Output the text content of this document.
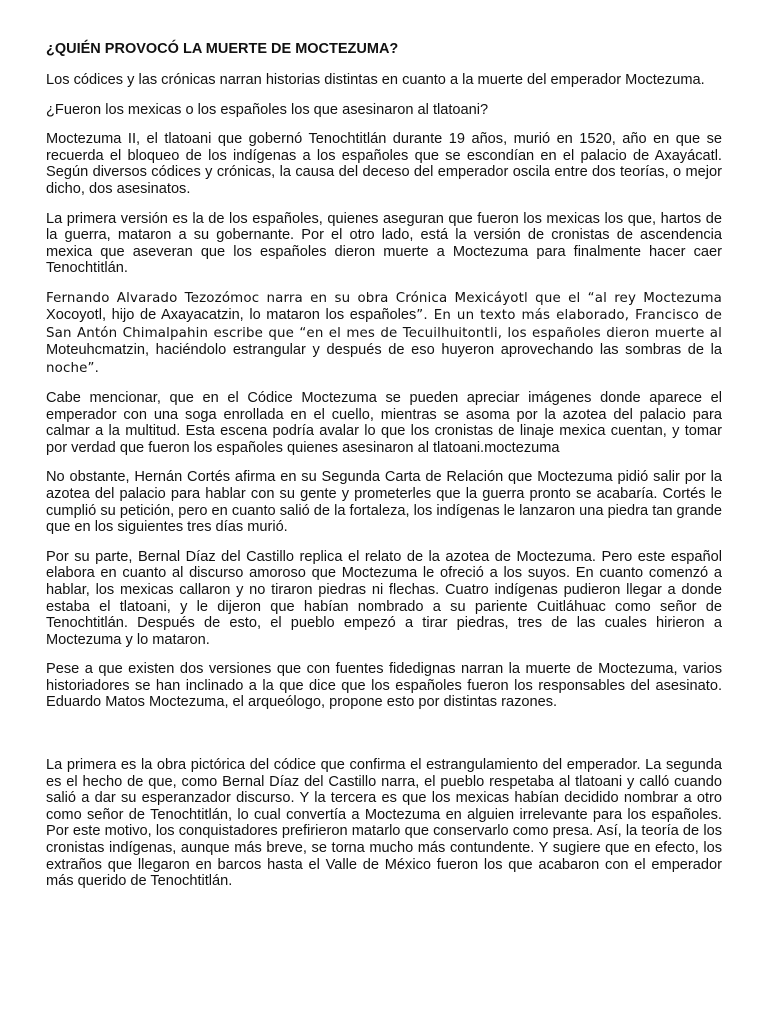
¿QUIÉN PROVOCÓ LA MUERTE DE MOCTEZUMA?

Los códices y las crónicas narran historias distintas en cuanto a la muerte del emperador Moctezuma.

¿Fueron los mexicas o los españoles los que asesinaron al tlatoani?

Moctezuma II, el tlatoani que gobernó Tenochtitlán durante 19 años, murió en 1520, año en que se recuerda el bloqueo de los indígenas a los españoles que se escondían en el palacio de Axayácatl. Según diversos códices y crónicas, la causa del deceso del emperador oscila entre dos teorías, o mejor dicho, dos asesinatos.

La primera versión es la de los españoles, quienes aseguran que fueron los mexicas los que, hartos de la guerra, mataron a su gobernante. Por el otro lado, está la versión de cronistas de ascendencia mexica que aseveran que los españoles dieron muerte a Moctezuma para finalmente hacer caer Tenochtitlán.

Fernando Alvarado Tezozómoc narra en su obra Crónica Mexicáyotl que el “al rey Moctezuma Xocoyotl, hijo de Axayacatzin, lo mataron los españoles”. En un texto más elaborado, Francisco de San Antón Chimalpahin escribe que “en el mes de Tecuilhuitontli, los españoles dieron muerte al Moteuhcmatzin, haciéndolo estrangular y después de eso huyeron aprovechando las sombras de la noche”.

Cabe mencionar, que en el Códice Moctezuma se pueden apreciar imágenes donde aparece el emperador con una soga enrollada en el cuello, mientras se asoma por la azotea del palacio para calmar a la multitud. Esta escena podría avalar lo que los cronistas de linaje mexica cuentan, y tomar por verdad que fueron los españoles quienes asesinaron al tlatoani.moctezuma

No obstante, Hernán Cortés afirma en su Segunda Carta de Relación que Moctezuma pidió salir por la azotea del palacio para hablar con su gente y prometerles que la guerra pronto se acabaría. Cortés le cumplió su petición, pero en cuanto salió de la fortaleza, los indígenas le lanzaron una piedra tan grande que en los siguientes tres días murió.

Por su parte, Bernal Díaz del Castillo replica el relato de la azotea de Moctezuma. Pero este español elabora en cuanto al discurso amoroso que Moctezuma le ofreció a los suyos. En cuanto comenzó a hablar, los mexicas callaron y no tiraron piedras ni flechas. Cuatro indígenas pudieron llegar a donde estaba el tlatoani, y le dijeron que habían nombrado a su pariente Cuitláhuac como señor de Tenochtitlán. Después de esto, el pueblo empezó a tirar piedras, tres de las cuales hirieron a Moctezuma y lo mataron.

Pese a que existen dos versiones que con fuentes fidedignas narran la muerte de Moctezuma, varios historiadores se han inclinado a la que dice que los españoles fueron los responsables del asesinato. Eduardo Matos Moctezuma, el arqueólogo, propone esto por distintas razones.

La primera es la obra pictórica del códice que confirma el estrangulamiento del emperador. La segunda es el hecho de que, como Bernal Díaz del Castillo narra, el pueblo respetaba al tlatoani y calló cuando salió a dar su esperanzador discurso. Y la tercera es que los mexicas habían decidido nombrar a otro como señor de Tenochtitlán, lo cual convertía a Moctezuma en alguien irrelevante para los españoles. Por este motivo, los conquistadores prefirieron matarlo que conservarlo como presa. Así, la teoría de los cronistas indígenas, aunque más breve, se torna mucho más contundente. Y sugiere que en efecto, los extraños que llegaron en barcos hasta el Valle de México fueron los que acabaron con el emperador más querido de Tenochtitlán.
